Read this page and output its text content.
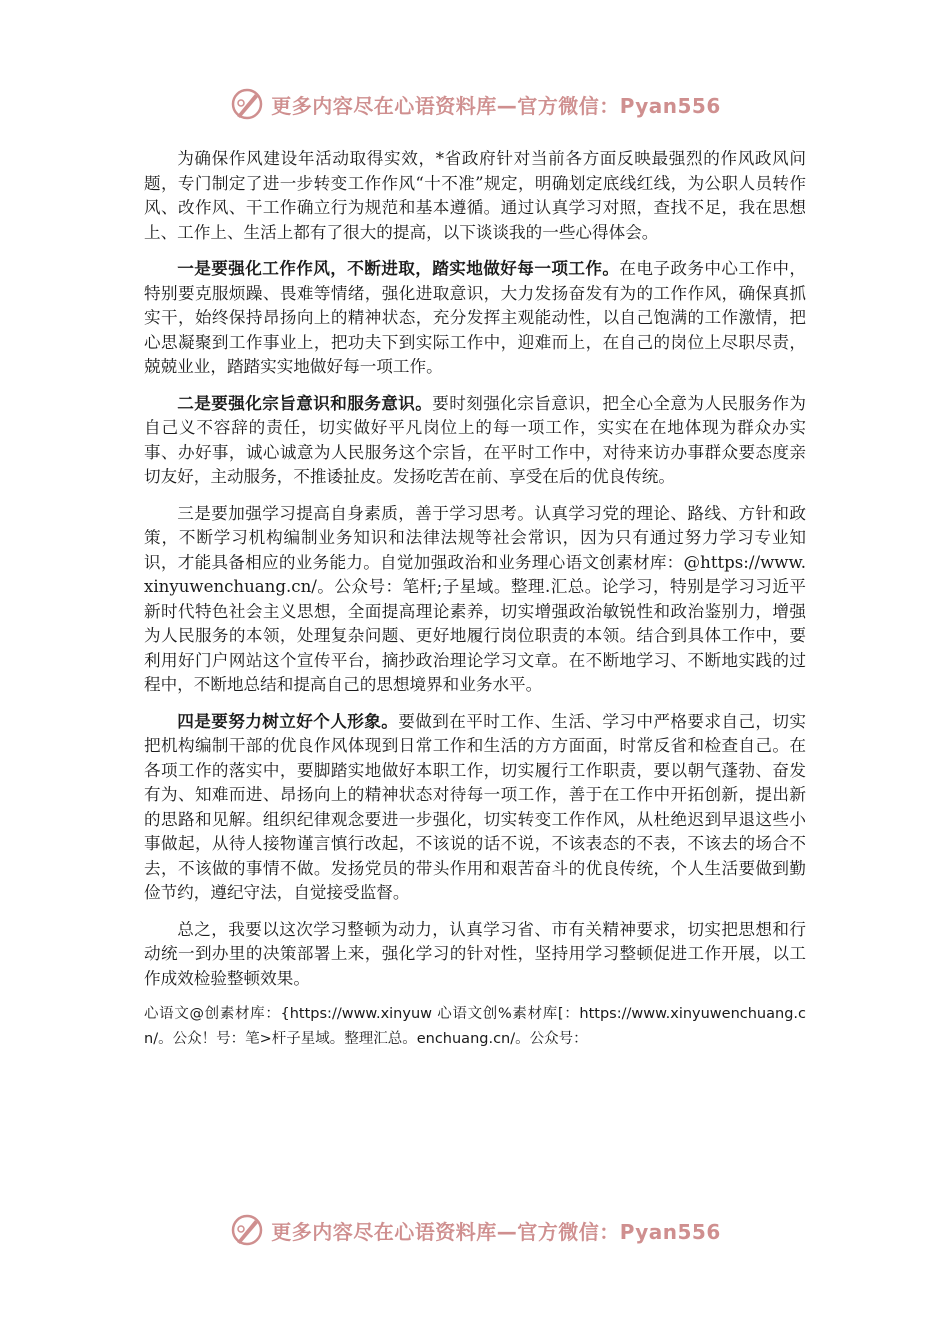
更多内容尽在心语资料库—官方微信：Pyan556

为确保作风建设年活动取得实效，*省政府针对当前各方面反映最强烈的作风政风问题，专门制定了进一步转变工作作风“十不准”规定，明确划定底线红线，为公职人员转作风、改作风、干工作确立行为规范和基本遵循。通过认真学习对照，查找不足，我在思想上、工作上、生活上都有了很大的提高，以下谈谈我的一些心得体会。

一是要强化工作作风，不断进取，踏实地做好每一项工作。在电子政务中心工作中，特别要克服烦躁、畏难等情绪，强化进取意识，大力发扬奋发有为的工作作风，确保真抓实干，始终保持昂扬向上的精神状态，充分发挥主观能动性，以自己饱满的工作激情，把心思凝聚到工作事业上，把功夫下到实际工作中，迎难而上，在自己的岗位上尽职尽责，兢兢业业，踏踏实实地做好每一项工作。

二是要强化宗旨意识和服务意识。要时刻强化宗旨意识，把全心全意为人民服务作为自己义不容辞的责任，切实做好平凡岗位上的每一项工作，实实在在地体现为群众办实事、办好事，诚心诚意为人民服务这个宗旨，在平时工作中，对待来访办事群众要态度亲切友好，主动服务，不推诿扯皮。发扬吃苦在前、享受在后的优良传统。

三是要加强学习提高自身素质，善于学习思考。认真学习党的理论、路线、方针和政策，不断学习机构编制业务知识和法律法规等社会常识，因为只有通过努力学习专业知识，才能具备相应的业务能力。自觉加强政治和业务理心语文创素材库：@https://www.xinyuwenchuang.cn/。公众号：笔杆;子星域。整理.汇总。论学习，特别是学习习近平新时代特色社会主义思想，全面提高理论素养，切实增强政治敏锐性和政治鉴别力，增强为人民服务的本领，处理复杂问题、更好地履行岗位职责的本领。结合到具体工作中，要利用好门户网站这个宣传平台，摘抄政治理论学习文章。在不断地学习、不断地实践的过程中，不断地总结和提高自己的思想境界和业务水平。

四是要努力树立好个人形象。要做到在平时工作、生活、学习中严格要求自己，切实把机构编制干部的优良作风体现到日常工作和生活的方方面面，时常反省和检查自己。在各项工作的落实中，要脚踏实地做好本职工作，切实履行工作职责，要以朝气蓬勃、奋发有为、知难而进、昂扬向上的精神状态对待每一项工作，善于在工作中开拓创新，提出新的思路和见解。组织纪律观念要进一步强化，切实转变工作作风，从杜绝迟到早退这些小事做起，从待人接物谨言慎行改起，不该说的话不说，不该表态的不表，不该去的场合不去，不该做的事情不做。发扬党员的带头作用和艰苦奋斗的优良传统，个人生活要做到勤俭节约，遵纪守法，自觉接受监督。

总之，我要以这次学习整顿为动力，认真学习省、市有关精神要求，切实把思想和行动统一到办里的决策部署上来，强化学习的针对性，坚持用学习整顿促进工作开展，以工作成效检验整顿效果。

心语文@创素材库：{https://www.xinyuw 心语文创%素材库[：https://www.xinyuwenchuang.cn/。公众！号：笔>杆子星域。整理汇总。enchuang.cn/。公众号：

更多内容尽在心语资料库—官方微信：Pyan556
